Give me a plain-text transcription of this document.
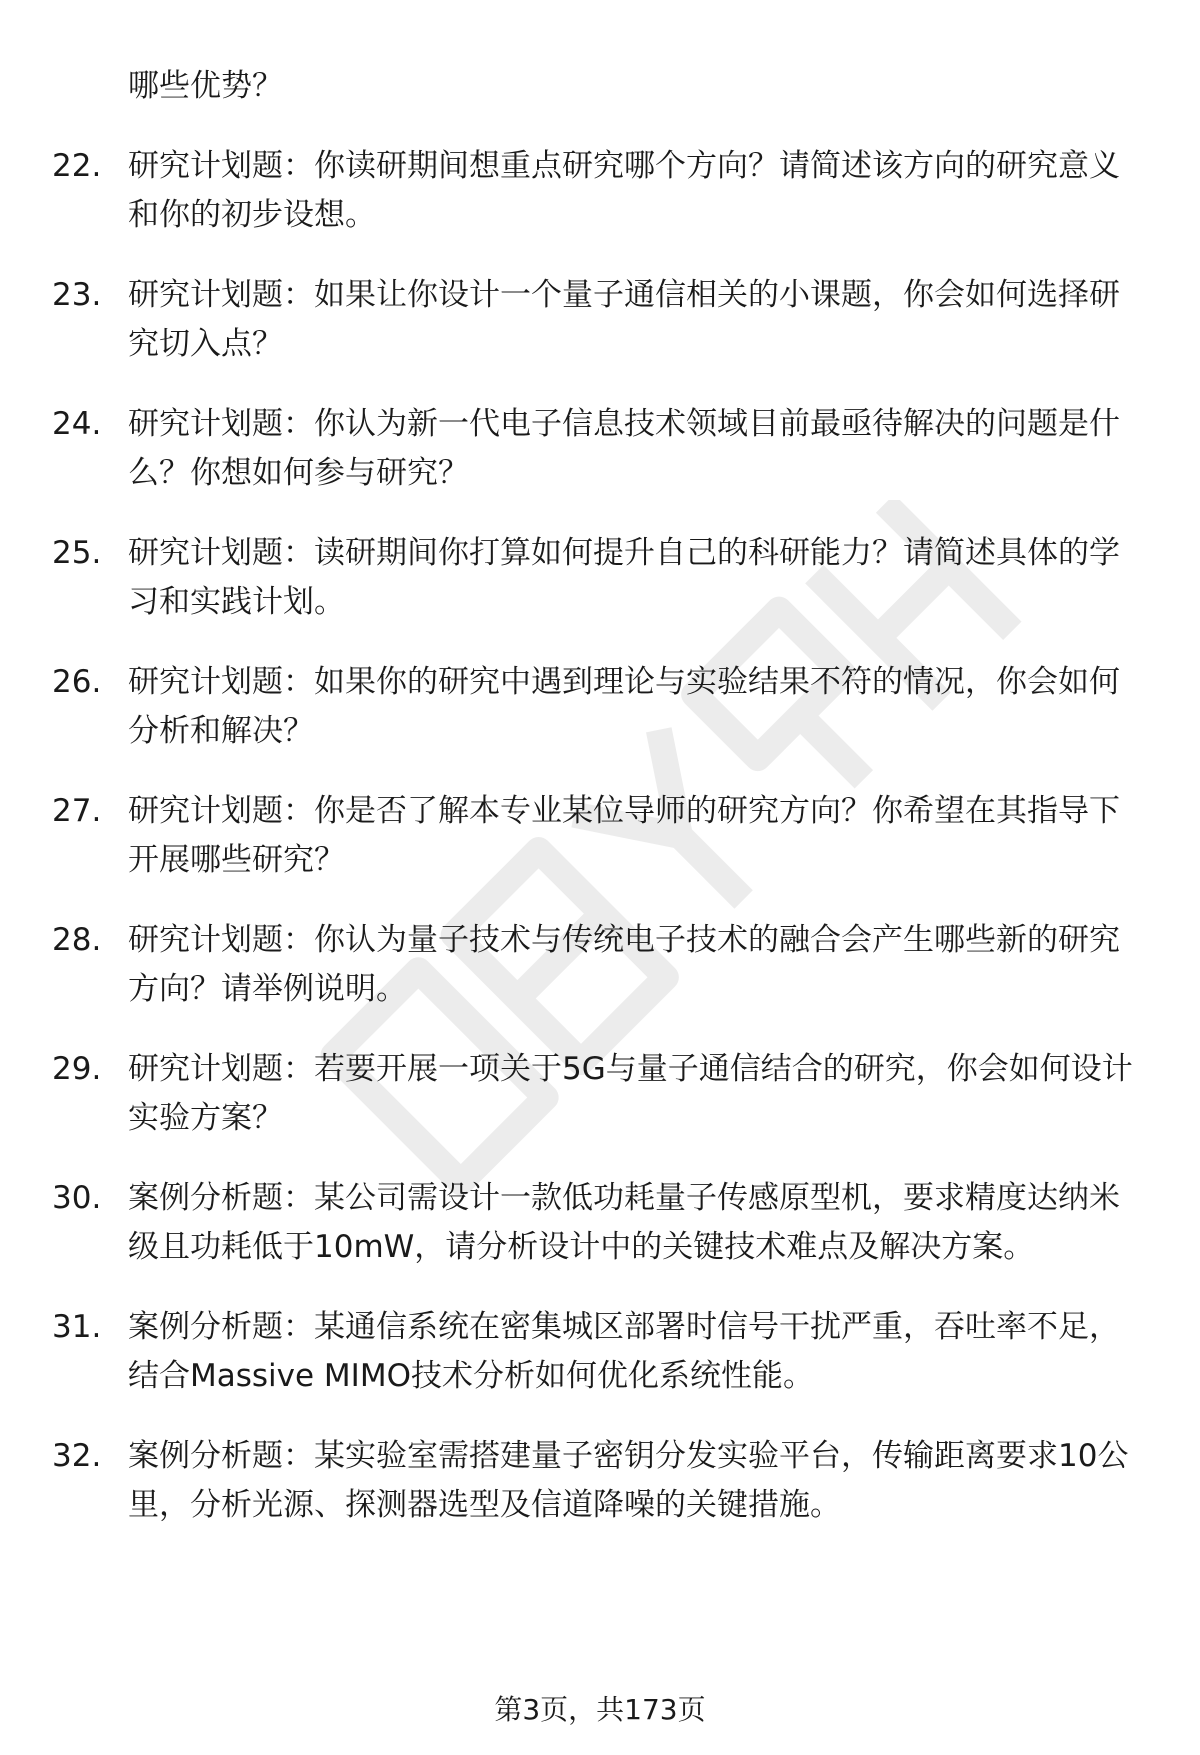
哪些优势？
22. 研究计划题：你读研期间想重点研究哪个方向？请简述该方向的研究意义和你的初步设想。
23. 研究计划题：如果让你设计一个量子通信相关的小课题，你会如何选择研究切入点？
24. 研究计划题：你认为新一代电子信息技术领域目前最亟待解决的问题是什么？你想如何参与研究？
25. 研究计划题：读研期间你打算如何提升自己的科研能力？请简述具体的学习和实践计划。
26. 研究计划题：如果你的研究中遇到理论与实验结果不符的情况，你会如何分析和解决？
27. 研究计划题：你是否了解本专业某位导师的研究方向？你希望在其指导下开展哪些研究？
28. 研究计划题：你认为量子技术与传统电子技术的融合会产生哪些新的研究方向？请举例说明。
29. 研究计划题：若要开展一项关于5G与量子通信结合的研究，你会如何设计实验方案？
30. 案例分析题：某公司需设计一款低功耗量子传感原型机，要求精度达纳米级且功耗低于10mW，请分析设计中的关键技术难点及解决方案。
31. 案例分析题：某通信系统在密集城区部署时信号干扰严重，吞吐率不足，结合Massive MIMO技术分析如何优化系统性能。
32. 案例分析题：某实验室需搭建量子密钥分发实验平台，传输距离要求10公里，分析光源、探测器选型及信道降噪的关键措施。
第3页，共173页
